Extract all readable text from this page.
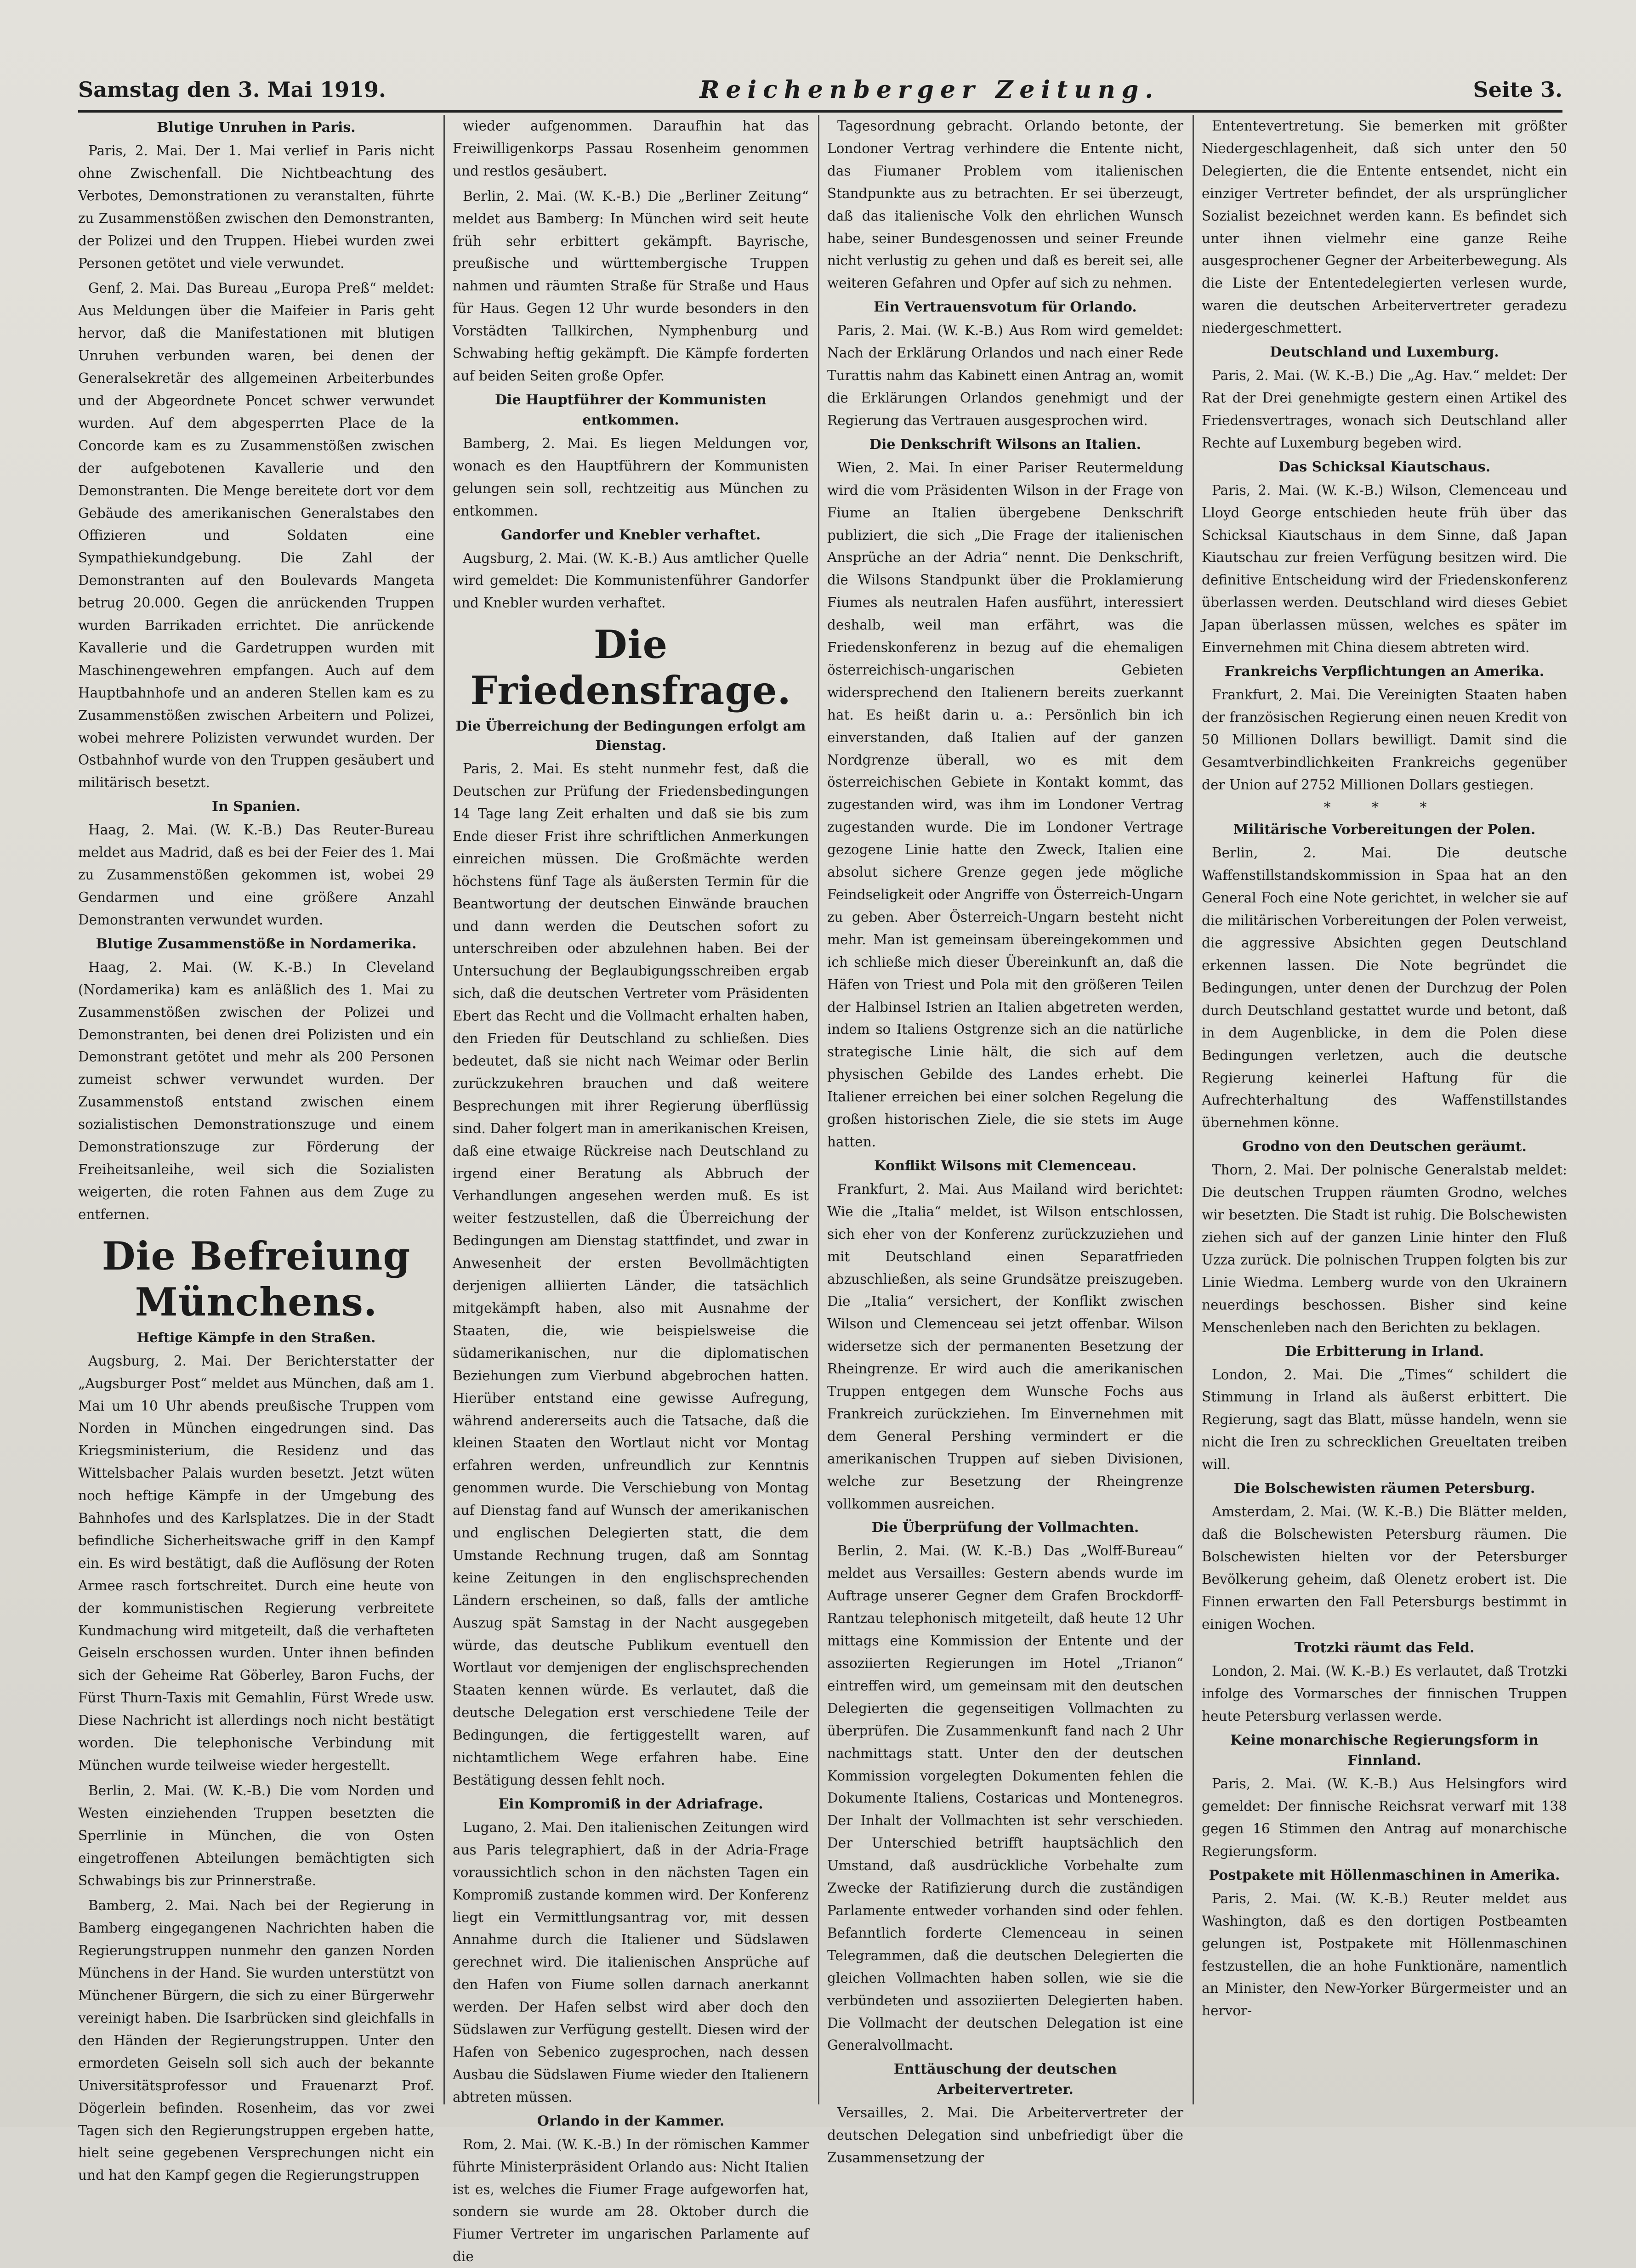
Samstag den 3. Mai 1919.	Reichenberger Zeitung.	Seite 3.
Blutige Unruhen in Paris.

Paris, 2. Mai. Der 1. Mai verlief in Paris nicht ohne Zwischenfall. Die Nichtbeachtung des Verbotes, Demonstrationen zu veranstalten, führte zu Zusammenstößen zwischen den Demonstranten, der Polizei und den Truppen. Hiebei wurden zwei Personen getötet und viele verwundet.

Genf, 2. Mai. Das Bureau „Europa Preß“ meldet: Aus Meldungen über die Maifeier in Paris geht hervor, daß die Manifestationen mit blutigen Unruhen verbunden waren, bei denen der Generalsekretär des allgemeinen Arbeiterbundes und der Abgeordnete Poncet schwer verwundet wurden. Auf dem abgesperrten Place de la Concorde kam es zu Zusammenstößen zwischen der aufgebotenen Kavallerie und den Demonstranten. Die Menge bereitete dort vor dem Gebäude des amerikanischen Generalstabes den Offizieren und Soldaten eine Sympathiekundgebung. Die Zahl der Demonstranten auf den Boulevards Mangeta betrug 20.000. Gegen die anrückenden Truppen wurden Barrikaden errichtet. Die anrückende Kavallerie und die Gardetruppen wurden mit Maschinengewehren empfangen. Auch auf dem Hauptbahnhofe und an anderen Stellen kam es zu Zusammenstößen zwischen Arbeitern und Polizei, wobei mehrere Polizisten verwundet wurden. Der Ostbahnhof wurde von den Truppen gesäubert und militärisch besetzt.

In Spanien.

Haag, 2. Mai. (W. K.-B.) Das Reuter-Bureau meldet aus Madrid, daß es bei der Feier des 1. Mai zu Zusammenstößen gekommen ist, wobei 29 Gendarmen und eine größere Anzahl Demonstranten verwundet wurden.

Blutige Zusammenstöße in Nordamerika.

Haag, 2. Mai. (W. K.-B.) In Cleveland (Nordamerika) kam es anläßlich des 1. Mai zu Zusammenstößen zwischen der Polizei und Demonstranten, bei denen drei Polizisten und ein Demonstrant getötet und mehr als 200 Personen zumeist schwer verwundet wurden. Der Zusammenstoß entstand zwischen einem sozialistischen Demonstrationszuge und einem Demonstrationszuge zur Förderung der Freiheitsanleihe, weil sich die Sozialisten weigerten, die roten Fahnen aus dem Zuge zu entfernen.

Die Befreiung Münchens.
Heftige Kämpfe in den Straßen.

Augsburg, 2. Mai. Der Berichterstatter der „Augsburger Post“ meldet aus München, daß am 1. Mai um 10 Uhr abends preußische Truppen vom Norden in München eingedrungen sind. Das Kriegsministerium, die Residenz und das Wittelsbacher Palais wurden besetzt. Jetzt wüten noch heftige Kämpfe in der Umgebung des Bahnhofes und des Karlsplatzes. Die in der Stadt befindliche Sicherheitswache griff in den Kampf ein. Es wird bestätigt, daß die Auflösung der Roten Armee rasch fortschreitet. Durch eine heute von der kommunistischen Regierung verbreitete Kundmachung wird mitgeteilt, daß die verhafteten Geiseln erschossen wurden. Unter ihnen befinden sich der Geheime Rat Göberley, Baron Fuchs, der Fürst Thurn-Taxis mit Gemahlin, Fürst Wrede usw. Diese Nachricht ist allerdings noch nicht bestätigt worden. Die telephonische Verbindung mit München wurde teilweise wieder hergestellt.

Berlin, 2. Mai. (W. K.-B.) Die vom Norden und Westen einziehenden Truppen besetzten die Sperrlinie in München, die von Osten eingetroffenen Abteilungen bemächtigten sich Schwabings bis zur Prinnerstraße.

Bamberg, 2. Mai. Nach bei der Regierung in Bamberg eingegangenen Nachrichten haben die Regierungstruppen nunmehr den ganzen Norden Münchens in der Hand. Sie wurden unterstützt von Münchener Bürgern, die sich zu einer Bürgerwehr vereinigt haben. Die Isarbrücken sind gleichfalls in den Händen der Regierungstruppen. Unter den ermordeten Geiseln soll sich auch der bekannte Universitätsprofessor und Frauenarzt Prof. Dögerlein befinden. Rosenheim, das vor zwei Tagen sich den Regierungstruppen ergeben hatte, hielt seine gegebenen Versprechungen nicht ein und hat den Kampf gegen die Regierungstruppen

wieder aufgenommen. Daraufhin hat das Freiwilligenkorps Passau Rosenheim genommen und restlos gesäubert.

Berlin, 2. Mai. (W. K.-B.) Die „Berliner Zeitung“ meldet aus Bamberg: In München wird seit heute früh sehr erbittert gekämpft. Bayrische, preußische und württembergische Truppen nahmen und räumten Straße für Straße und Haus für Haus. Gegen 12 Uhr wurde besonders in den Vorstädten Tallkirchen, Nymphenburg und Schwabing heftig gekämpft. Die Kämpfe forderten auf beiden Seiten große Opfer.

Die Hauptführer der Kommunisten entkommen.

Bamberg, 2. Mai. Es liegen Meldungen vor, wonach es den Hauptführern der Kommunisten gelungen sein soll, rechtzeitig aus München zu entkommen.

Gandorfer und Knebler verhaftet.

Augsburg, 2. Mai. (W. K.-B.) Aus amtlicher Quelle wird gemeldet: Die Kommunistenführer Gandorfer und Knebler wurden verhaftet.

Die Friedensfrage.
Die Überreichung der Bedingungen erfolgt am Dienstag.

Paris, 2. Mai. Es steht nunmehr fest, daß die Deutschen zur Prüfung der Friedensbedingungen 14 Tage lang Zeit erhalten und daß sie bis zum Ende dieser Frist ihre schriftlichen Anmerkungen einreichen müssen. Die Großmächte werden höchstens fünf Tage als äußersten Termin für die Beantwortung der deutschen Einwände brauchen und dann werden die Deutschen sofort zu unterschreiben oder abzulehnen haben. Bei der Untersuchung der Beglaubigungsschreiben ergab sich, daß die deutschen Vertreter vom Präsidenten Ebert das Recht und die Vollmacht erhalten haben, den Frieden für Deutschland zu schließen. Dies bedeutet, daß sie nicht nach Weimar oder Berlin zurückzukehren brauchen und daß weitere Besprechungen mit ihrer Regierung überflüssig sind. Daher folgert man in amerikanischen Kreisen, daß eine etwaige Rückreise nach Deutschland zu irgend einer Beratung als Abbruch der Verhandlungen angesehen werden muß. Es ist weiter festzustellen, daß die Überreichung der Bedingungen am Dienstag stattfindet, und zwar in Anwesenheit der ersten Bevollmächtigten derjenigen alliierten Länder, die tatsächlich mitgekämpft haben, also mit Ausnahme der Staaten, die, wie beispielsweise die südamerikanischen, nur die diplomatischen Beziehungen zum Vierbund abgebrochen hatten. Hierüber entstand eine gewisse Aufregung, während andererseits auch die Tatsache, daß die kleinen Staaten den Wortlaut nicht vor Montag erfahren werden, unfreundlich zur Kenntnis genommen wurde. Die Verschiebung von Montag auf Dienstag fand auf Wunsch der amerikanischen und englischen Delegierten statt, die dem Umstande Rechnung trugen, daß am Sonntag keine Zeitungen in den englischsprechenden Ländern erscheinen, so daß, falls der amtliche Auszug spät Samstag in der Nacht ausgegeben würde, das deutsche Publikum eventuell den Wortlaut vor demjenigen der englischsprechenden Staaten kennen würde. Es verlautet, daß die deutsche Delegation erst verschiedene Teile der Bedingungen, die fertiggestellt waren, auf nichtamtlichem Wege erfahren habe. Eine Bestätigung dessen fehlt noch.

Ein Kompromiß in der Adriafrage.

Lugano, 2. Mai. Den italienischen Zeitungen wird aus Paris telegraphiert, daß in der Adria-Frage voraussichtlich schon in den nächsten Tagen ein Kompromiß zustande kommen wird. Der Konferenz liegt ein Vermittlungsantrag vor, mit dessen Annahme durch die Italiener und Südslawen gerechnet wird. Die italienischen Ansprüche auf den Hafen von Fiume sollen darnach anerkannt werden. Der Hafen selbst wird aber doch den Südslawen zur Verfügung gestellt. Diesen wird der Hafen von Sebenico zugesprochen, nach dessen Ausbau die Südslawen Fiume wieder den Italienern abtreten müssen.

Orlando in der Kammer.

Rom, 2. Mai. (W. K.-B.) In der römischen Kammer führte Ministerpräsident Orlando aus: Nicht Italien ist es, welches die Fiumer Frage aufgeworfen hat, sondern sie wurde am 28. Oktober durch die Fiumer Vertreter im ungarischen Parlamente auf die

Tagesordnung gebracht. Orlando betonte, der Londoner Vertrag verhindere die Entente nicht, das Fiumaner Problem vom italienischen Standpunkte aus zu betrachten. Er sei überzeugt, daß das italienische Volk den ehrlichen Wunsch habe, seiner Bundesgenossen und seiner Freunde nicht verlustig zu gehen und daß es bereit sei, alle weiteren Gefahren und Opfer auf sich zu nehmen.

Ein Vertrauensvotum für Orlando.

Paris, 2. Mai. (W. K.-B.) Aus Rom wird gemeldet: Nach der Erklärung Orlandos und nach einer Rede Turattis nahm das Kabinett einen Antrag an, womit die Erklärungen Orlandos genehmigt und der Regierung das Vertrauen ausgesprochen wird.

Die Denkschrift Wilsons an Italien.

Wien, 2. Mai. In einer Pariser Reutermeldung wird die vom Präsidenten Wilson in der Frage von Fiume an Italien übergebene Denkschrift publiziert, die sich „Die Frage der italienischen Ansprüche an der Adria“ nennt. Die Denkschrift, die Wilsons Standpunkt über die Proklamierung Fiumes als neutralen Hafen ausführt, interessiert deshalb, weil man erfährt, was die Friedenskonferenz in bezug auf die ehemaligen österreichisch-ungarischen Gebieten widersprechend den Italienern bereits zuerkannt hat. Es heißt darin u. a.: Persönlich bin ich einverstanden, daß Italien auf der ganzen Nordgrenze überall, wo es mit dem österreichischen Gebiete in Kontakt kommt, das zugestanden wird, was ihm im Londoner Vertrag zugestanden wurde. Die im Londoner Vertrage gezogene Linie hatte den Zweck, Italien eine absolut sichere Grenze gegen jede mögliche Feindseligkeit oder Angriffe von Österreich-Ungarn zu geben. Aber Österreich-Ungarn besteht nicht mehr. Man ist gemeinsam übereingekommen und ich schließe mich dieser Übereinkunft an, daß die Häfen von Triest und Pola mit den größeren Teilen der Halbinsel Istrien an Italien abgetreten werden, indem so Italiens Ostgrenze sich an die natürliche strategische Linie hält, die sich auf dem physischen Gebilde des Landes erhebt. Die Italiener erreichen bei einer solchen Regelung die großen historischen Ziele, die sie stets im Auge hatten.

Konflikt Wilsons mit Clemenceau.

Frankfurt, 2. Mai. Aus Mailand wird berichtet: Wie die „Italia“ meldet, ist Wilson entschlossen, sich eher von der Konferenz zurückzuziehen und mit Deutschland einen Separatfrieden abzuschließen, als seine Grundsätze preiszugeben. Die „Italia“ versichert, der Konflikt zwischen Wilson und Clemenceau sei jetzt offenbar. Wilson widersetze sich der permanenten Besetzung der Rheingrenze. Er wird auch die amerikanischen Truppen entgegen dem Wunsche Fochs aus Frankreich zurückziehen. Im Einvernehmen mit dem General Pershing vermindert er die amerikanischen Truppen auf sieben Divisionen, welche zur Besetzung der Rheingrenze vollkommen ausreichen.

Die Überprüfung der Vollmachten.

Berlin, 2. Mai. (W. K.-B.) Das „Wolff-Bureau“ meldet aus Versailles: Gestern abends wurde im Auftrage unserer Gegner dem Grafen Brockdorff-Rantzau telephonisch mitgeteilt, daß heute 12 Uhr mittags eine Kommission der Entente und der assoziierten Regierungen im Hotel „Trianon“ eintreffen wird, um gemeinsam mit den deutschen Delegierten die gegenseitigen Vollmachten zu überprüfen. Die Zusammenkunft fand nach 2 Uhr nachmittags statt. Unter den der deutschen Kommission vorgelegten Dokumenten fehlen die Dokumente Italiens, Costaricas und Montenegros. Der Inhalt der Vollmachten ist sehr verschieden. Der Unterschied betrifft hauptsächlich den Umstand, daß ausdrückliche Vorbehalte zum Zwecke der Ratifizierung durch die zuständigen Parlamente entweder vorhanden sind oder fehlen. Befanntlich forderte Clemenceau in seinen Telegrammen, daß die deutschen Delegierten die gleichen Vollmachten haben sollen, wie sie die verbündeten und assoziierten Delegierten haben. Die Vollmacht der deutschen Delegation ist eine Generalvollmacht.

Enttäuschung der deutschen Arbeitervertreter.

Versailles, 2. Mai. Die Arbeitervertreter der deutschen Delegation sind unbefriedigt über die Zusammensetzung der

Ententevertretung. Sie bemerken mit größter Niedergeschlagenheit, daß sich unter den 50 Delegierten, die die Entente entsendet, nicht ein einziger Vertreter befindet, der als ursprünglicher Sozialist bezeichnet werden kann. Es befindet sich unter ihnen vielmehr eine ganze Reihe ausgesprochener Gegner der Arbeiterbewegung. Als die Liste der Ententedelegierten verlesen wurde, waren die deutschen Arbeitervertreter geradezu niedergeschmettert.

Deutschland und Luxemburg.

Paris, 2. Mai. (W. K.-B.) Die „Ag. Hav.“ meldet: Der Rat der Drei genehmigte gestern einen Artikel des Friedensvertrages, wonach sich Deutschland aller Rechte auf Luxemburg begeben wird.

Das Schicksal Kiautschaus.

Paris, 2. Mai. (W. K.-B.) Wilson, Clemenceau und Lloyd George entschieden heute früh über das Schicksal Kiautschaus in dem Sinne, daß Japan Kiautschau zur freien Verfügung besitzen wird. Die definitive Entscheidung wird der Friedenskonferenz überlassen werden. Deutschland wird dieses Gebiet Japan überlassen müssen, welches es später im Einvernehmen mit China diesem abtreten wird.

Frankreichs Verpflichtungen an Amerika.

Frankfurt, 2. Mai. Die Vereinigten Staaten haben der französischen Regierung einen neuen Kredit von 50 Millionen Dollars bewilligt. Damit sind die Gesamtverbindlichkeiten Frankreichs gegenüber der Union auf 2752 Millionen Dollars gestiegen.

* * *
Militärische Vorbereitungen der Polen.

Berlin, 2. Mai. Die deutsche Waffenstillstandskommission in Spaa hat an den General Foch eine Note gerichtet, in welcher sie auf die militärischen Vorbereitungen der Polen verweist, die aggressive Absichten gegen Deutschland erkennen lassen. Die Note begründet die Bedingungen, unter denen der Durchzug der Polen durch Deutschland gestattet wurde und betont, daß in dem Augenblicke, in dem die Polen diese Bedingungen verletzen, auch die deutsche Regierung keinerlei Haftung für die Aufrechterhaltung des Waffenstillstandes übernehmen könne.

Grodno von den Deutschen geräumt.

Thorn, 2. Mai. Der polnische Generalstab meldet: Die deutschen Truppen räumten Grodno, welches wir besetzten. Die Stadt ist ruhig. Die Bolschewisten ziehen sich auf der ganzen Linie hinter den Fluß Uzza zurück. Die polnischen Truppen folgten bis zur Linie Wiedma. Lemberg wurde von den Ukrainern neuerdings beschossen. Bisher sind keine Menschenleben nach den Berichten zu beklagen.

Die Erbitterung in Irland.

London, 2. Mai. Die „Times“ schildert die Stimmung in Irland als äußerst erbittert. Die Regierung, sagt das Blatt, müsse handeln, wenn sie nicht die Iren zu schrecklichen Greueltaten treiben will.

Die Bolschewisten räumen Petersburg.

Amsterdam, 2. Mai. (W. K.-B.) Die Blätter melden, daß die Bolschewisten Petersburg räumen. Die Bolschewisten hielten vor der Petersburger Bevölkerung geheim, daß Olenetz erobert ist. Die Finnen erwarten den Fall Petersburgs bestimmt in einigen Wochen.

Trotzki räumt das Feld.

London, 2. Mai. (W. K.-B.) Es verlautet, daß Trotzki infolge des Vormarsches der finnischen Truppen heute Petersburg verlassen werde.

Keine monarchische Regierungsform in Finnland.

Paris, 2. Mai. (W. K.-B.) Aus Helsingfors wird gemeldet: Der finnische Reichsrat verwarf mit 138 gegen 16 Stimmen den Antrag auf monarchische Regierungsform.

Postpakete mit Höllenmaschinen in Amerika.

Paris, 2. Mai. (W. K.-B.) Reuter meldet aus Washington, daß es den dortigen Postbeamten gelungen ist, Postpakete mit Höllenmaschinen festzustellen, die an hohe Funktionäre, namentlich an Minister, den New-Yorker Bürgermeister und an hervor-
